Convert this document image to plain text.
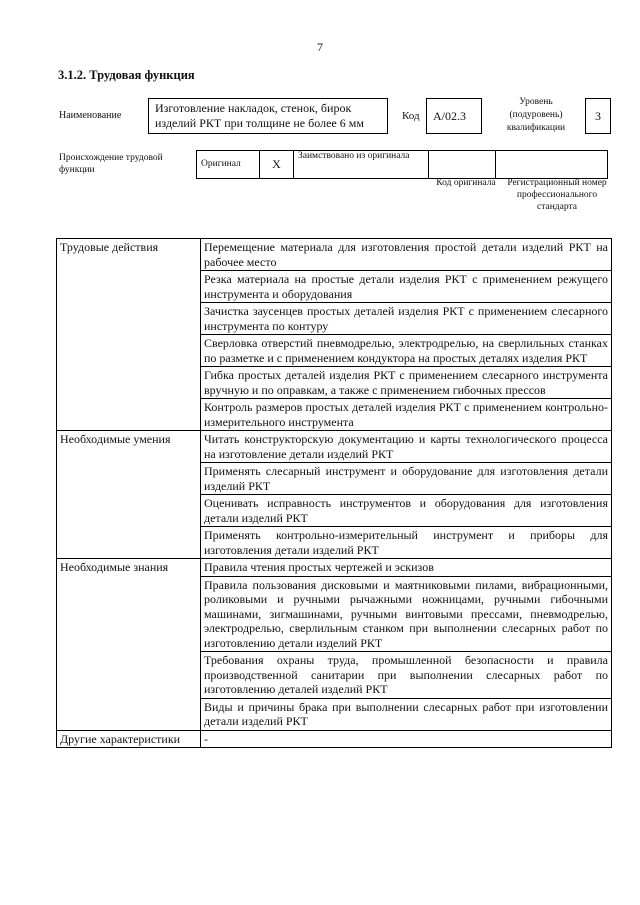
7
3.1.2. Трудовая функция
Наименование
Изготовление накладок, стенок, бирок изделий РКТ при толщине не более 6 мм	Код	А/02.3
Уровень (подуровень) квалификации
3
Происхождение трудовой функции
Оригинал	X	Заимствовано из оригинала		
Код оригинала	Регистрационный номер профессионального стандарта
Трудовые действия	Перемещение материала для изготовления простой детали изделий РКТ на рабочее место
	Резка материала на простые детали изделия РКТ с применением режущего инструмента и оборудования
	Зачистка заусенцев простых деталей изделия РКТ с применением слесарного инструмента по контуру
	Сверловка отверстий пневмодрелью, электродрелью, на сверлильных станках по разметке и с применением кондуктора на простых деталях изделия РКТ
	Гибка простых деталей изделия РКТ с применением слесарного инструмента вручную и по оправкам, а также с применением гибочных прессов
	Контроль размеров простых деталей изделия РКТ с применением контрольно-измерительного инструмента
Необходимые умения	Читать конструкторскую документацию и карты технологического процесса на изготовление детали изделий РКТ
	Применять слесарный инструмент и оборудование для изготовления детали изделий РКТ
	Оценивать исправность инструментов и оборудования для изготовления детали изделий РКТ
	Применять контрольно-измерительный инструмент и приборы для изготовления детали изделий РКТ
Необходимые знания	Правила чтения простых чертежей и эскизов
	Правила пользования дисковыми и маятниковыми пилами, вибрационными, роликовыми и ручными рычажными ножницами, ручными гибочными машинами, зигмашинами, ручными винтовыми прессами, пневмодрелью, электродрелью, сверлильным станком при выполнении слесарных работ по изготовлению детали изделий РКТ
	Требования охраны труда, промышленной безопасности и правила производственной санитарии при выполнении слесарных работ по изготовлению деталей изделий РКТ
	Виды и причины брака при выполнении слесарных работ при изготовлении детали изделий РКТ
Другие характеристики	-
